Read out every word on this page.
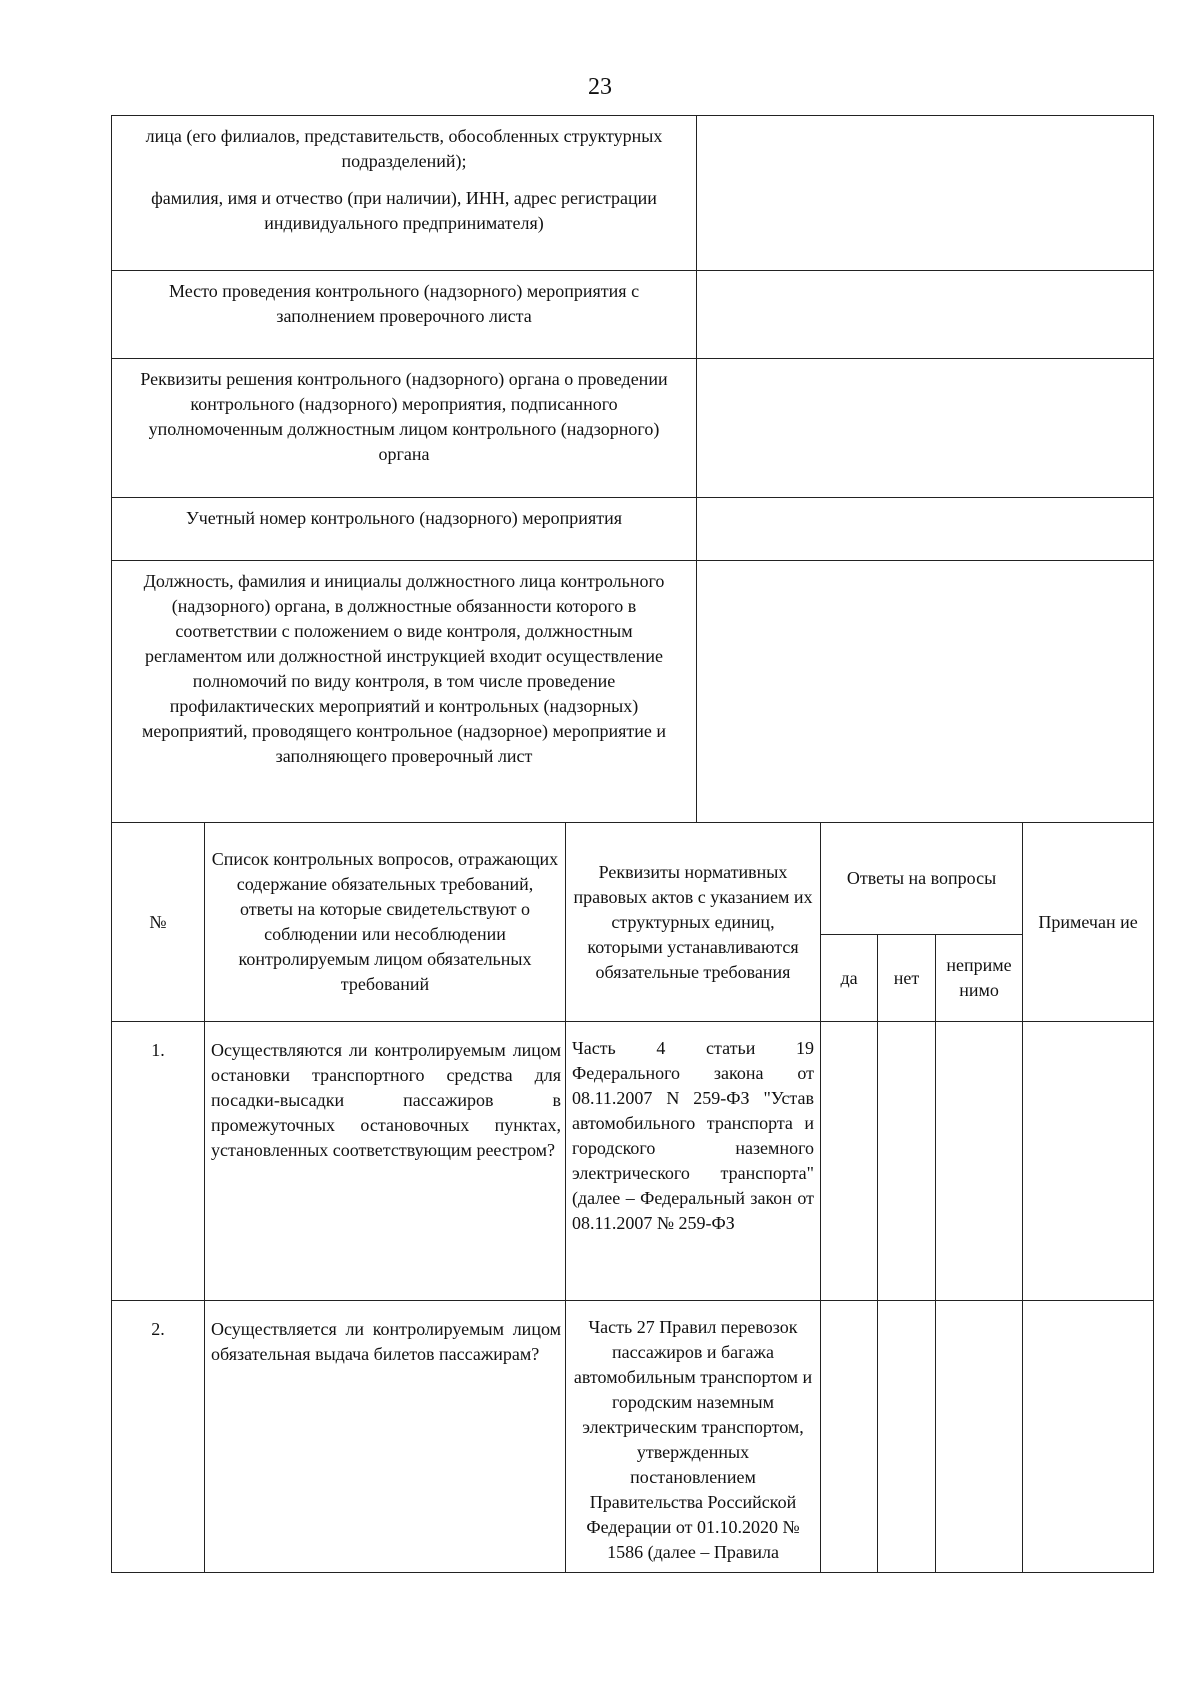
23

лица (его филиалов, представительств, обособленных структурных подразделений);

фамилия, имя и отчество (при наличии), ИНН, адрес регистрации индивидуального предпринимателя)							

Место проведения контрольного (надзорного) мероприятия с заполнением проверочного листа							
Реквизиты решения контрольного (надзорного) органа о проведении контрольного (надзорного) мероприятия, подписанного уполномоченным должностным лицом контрольного (надзорного) органа							
Учетный номер контрольного (надзорного) мероприятия							
Должность, фамилия и инициалы должностного лица контрольного (надзорного) органа, в должностные обязанности которого в соответствии с положением о виде контроля, должностным регламентом или должностной инструкцией входит осуществление полномочий по виду контроля, в том числе проведение профилактических мероприятий и контрольных (надзорных) мероприятий, проводящего контрольное (надзорное) мероприятие и заполняющего проверочный лист							
№	Список контрольных вопросов, отражающих содержание обязательных требований, ответы на которые свидетельствуют о соблюдении или несоблюдении контролируемым лицом обязательных требований	Реквизиты нормативных правовых актов с указанием их структурных единиц, которыми устанавливаются обязательные требования		Ответы на вопросы			Примечан ие
				да	нет	неприме нимо	
1.	Осуществляются ли контролируемым лицом остановки транспортного средства для посадки-высадки пассажиров в промежуточных остановочных пунктах, установленных соответствующим реестром?	Часть 4 статьи 19 Федерального закона от 08.11.2007 N 259-ФЗ "Устав автомобильного транспорта и городского наземного электрического транспорта" (далее – Федеральный закон от 08.11.2007 № 259-ФЗ					
2.	Осуществляется ли контролируемым лицом обязательная выдача билетов пассажирам?	Часть 27 Правил перевозок пассажиров и багажа автомобильным транспортом и городским наземным электрическим транспортом, утвержденных постановлением Правительства Российской Федерации от 01.10.2020 № 1586 (далее – Правила					
